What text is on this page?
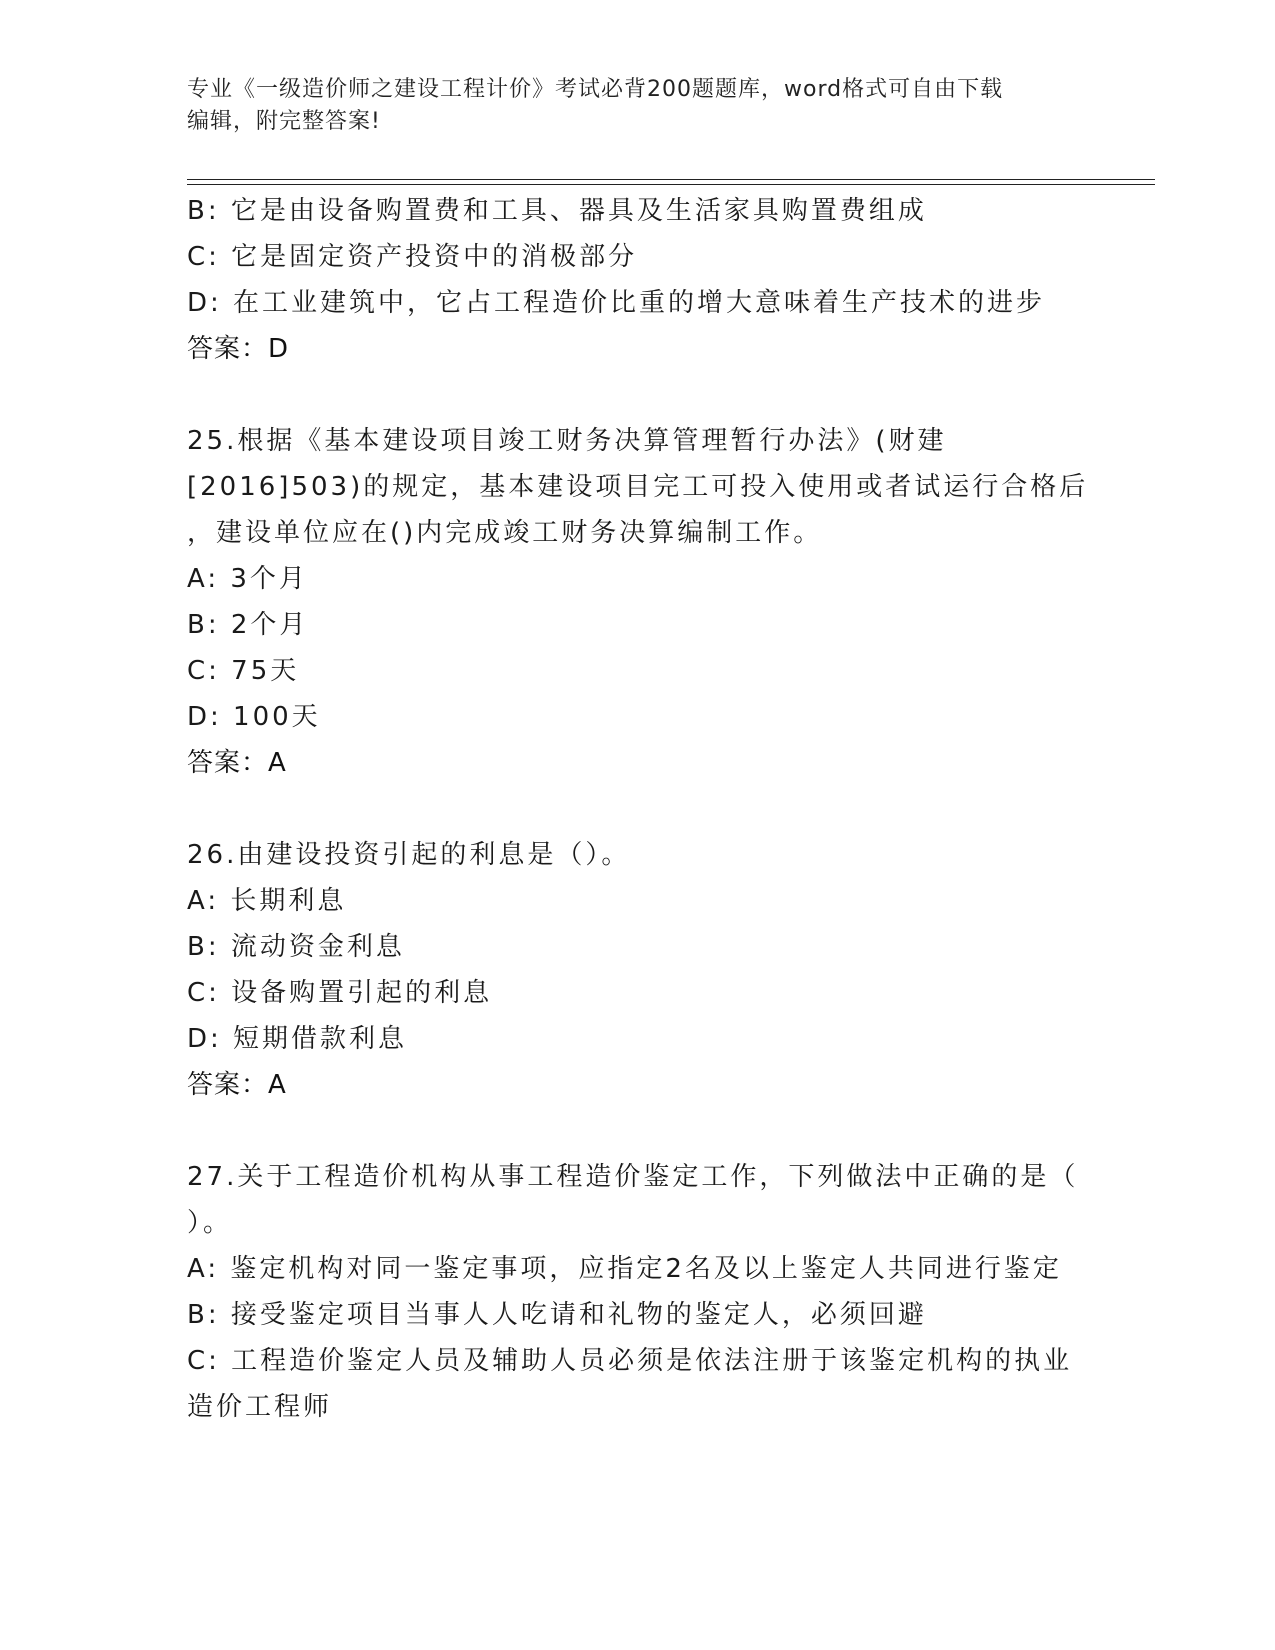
专业《一级造价师之建设工程计价》考试必背200题题库，word格式可自由下载
编辑，附完整答案!
B: 它是由设备购置费和工具、器具及生活家具购置费组成
C: 它是固定资产投资中的消极部分
D: 在工业建筑中，它占工程造价比重的增大意味着生产技术的进步
答案：D
25.根据《基本建设项目竣工财务决算管理暂行办法》(财建
[2016]503)的规定，基本建设项目完工可投入使用或者试运行合格后
，建设单位应在()内完成竣工财务决算编制工作。
A: 3个月
B: 2个月
C: 75天
D: 100天
答案：A
26.由建设投资引起的利息是（）。
A: 长期利息
B: 流动资金利息
C: 设备购置引起的利息
D: 短期借款利息
答案：A
27.关于工程造价机构从事工程造价鉴定工作，下列做法中正确的是（
）。
A: 鉴定机构对同一鉴定事项，应指定2名及以上鉴定人共同进行鉴定
B: 接受鉴定项目当事人人吃请和礼物的鉴定人，必须回避
C: 工程造价鉴定人员及辅助人员必须是依法注册于该鉴定机构的执业
造价工程师
